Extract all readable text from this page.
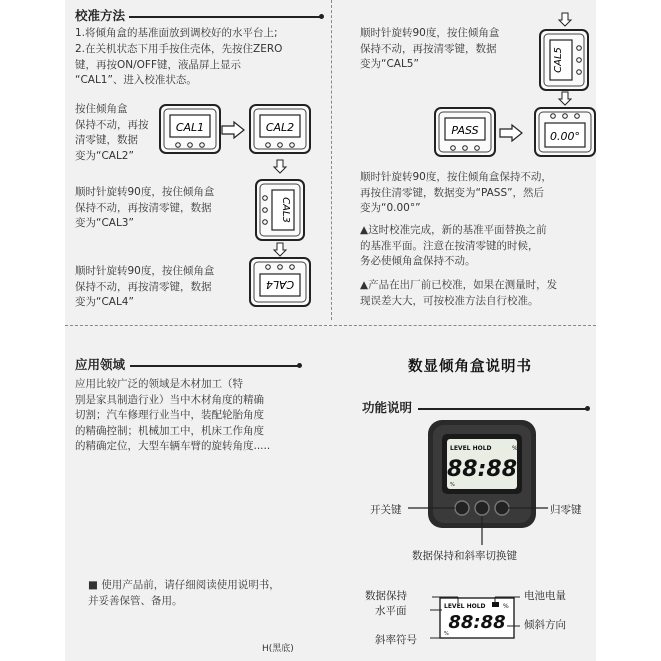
校准方法
1.将倾角盒的基准面放到调校好的水平台上;
2.在关机状态下用手按住壳体，先按住ZERO
键，再按ON/OFF键，液晶屏上显示
“CAL1”、进入校准状态。
按住倾角盒
保持不动，再按
清零键，数据
变为“CAL2”
顺时针旋转90度，按住倾角盒
保持不动，再按清零键，数据
变为“CAL3”
顺时针旋转90度，按住倾角盒
保持不动，再按清零键，数据
变为“CAL4”
顺时针旋转90度，按住倾角盒
保持不动，再按清零键，数据
变为“CAL5”
顺时针旋转90度，按住倾角盒保持不动，
再按住清零键，数据变为“PASS”，然后
变为“0.00°”
▲这时校准完成，新的基准平面替换之前
的基准平面。注意在按清零键的时候，
务必使倾角盒保持不动。
▲产品在出厂前已校准，如果在测量时，发
现误差大大，可按校准方法自行校准。
应用领域
应用比较广泛的领域是木材加工（特
别是家具制造行业）当中木材角度的精确
切割；汽车修理行业当中，装配轮胎角度
的精确控制；机械加工中，机床工作角度
的精确定位，大型车辆车臂的旋转角度.....
■ 使用产品前，请仔细阅读使用说明书，
并妥善保管、备用。
数显倾角盒说明书
功能说明
开关键	归零键
数据保持和斜率切换键
数据保持
水平面
斜率符号
电池电量
倾斜方向
H(黑底)
CAL1	CAL2
CAL3
CAL4
CAL5
PASS	0.00°
LEVEL HOLD	%
88:88
%
LEVEL HOLD	%
88:88
%
